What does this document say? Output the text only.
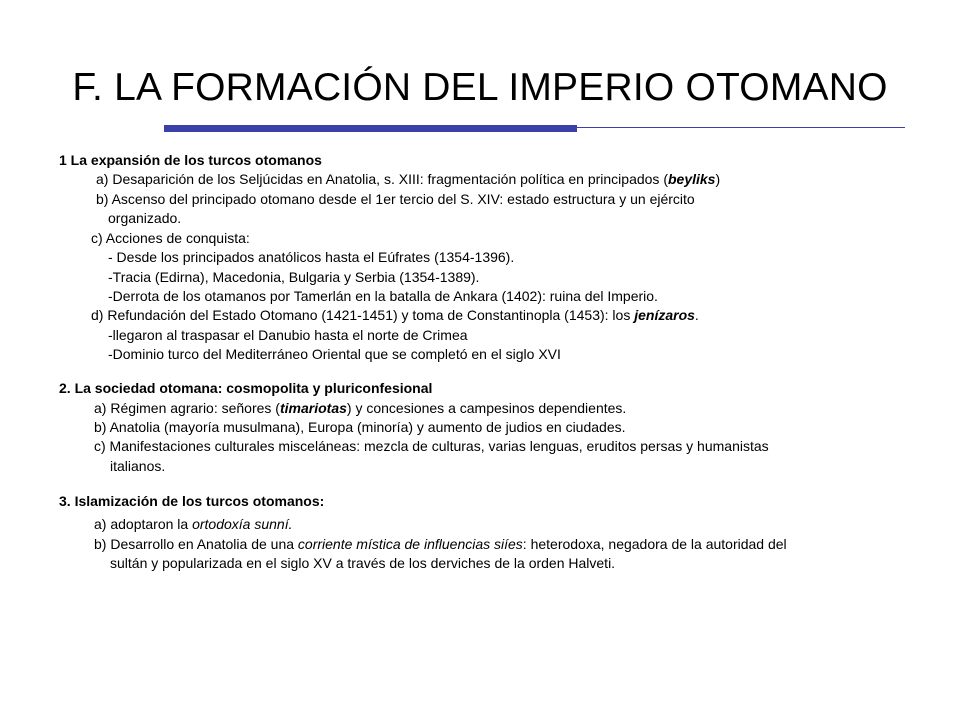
F. LA FORMACIÓN DEL IMPERIO OTOMANO
1 La expansión de los turcos otomanos
a) Desaparición de los Seljúcidas en Anatolia, s. XIII: fragmentación política en principados (beyliks)
b) Ascenso del principado otomano desde el 1er tercio del S. XIV: estado estructura y un ejército
organizado.
c) Acciones de conquista:
- Desde los principados anatólicos hasta el Eúfrates (1354-1396).
-Tracia (Edirna), Macedonia, Bulgaria y Serbia (1354-1389).
-Derrota de los otamanos por Tamerlán en la batalla de Ankara (1402): ruina del Imperio.
d) Refundación del Estado Otomano (1421-1451) y toma de Constantinopla (1453): los jenízaros.
-llegaron al traspasar el Danubio hasta el norte de Crimea
-Dominio turco del Mediterráneo Oriental que se completó en el siglo XVI
2. La sociedad otomana: cosmopolita y pluriconfesional
a) Régimen agrario: señores (timariotas) y concesiones a campesinos dependientes.
b) Anatolia (mayoría musulmana), Europa (minoría) y aumento de judios en ciudades.
c) Manifestaciones culturales misceláneas: mezcla de culturas, varias lenguas, eruditos persas y humanistas
italianos.
3. Islamización de los turcos otomanos:
a) adoptaron la ortodoxía sunní.
b) Desarrollo en Anatolia de una corriente mística de influencias siíes: heterodoxa, negadora de la autoridad del
sultán y popularizada en el siglo XV a través de los derviches de la orden Halveti.
